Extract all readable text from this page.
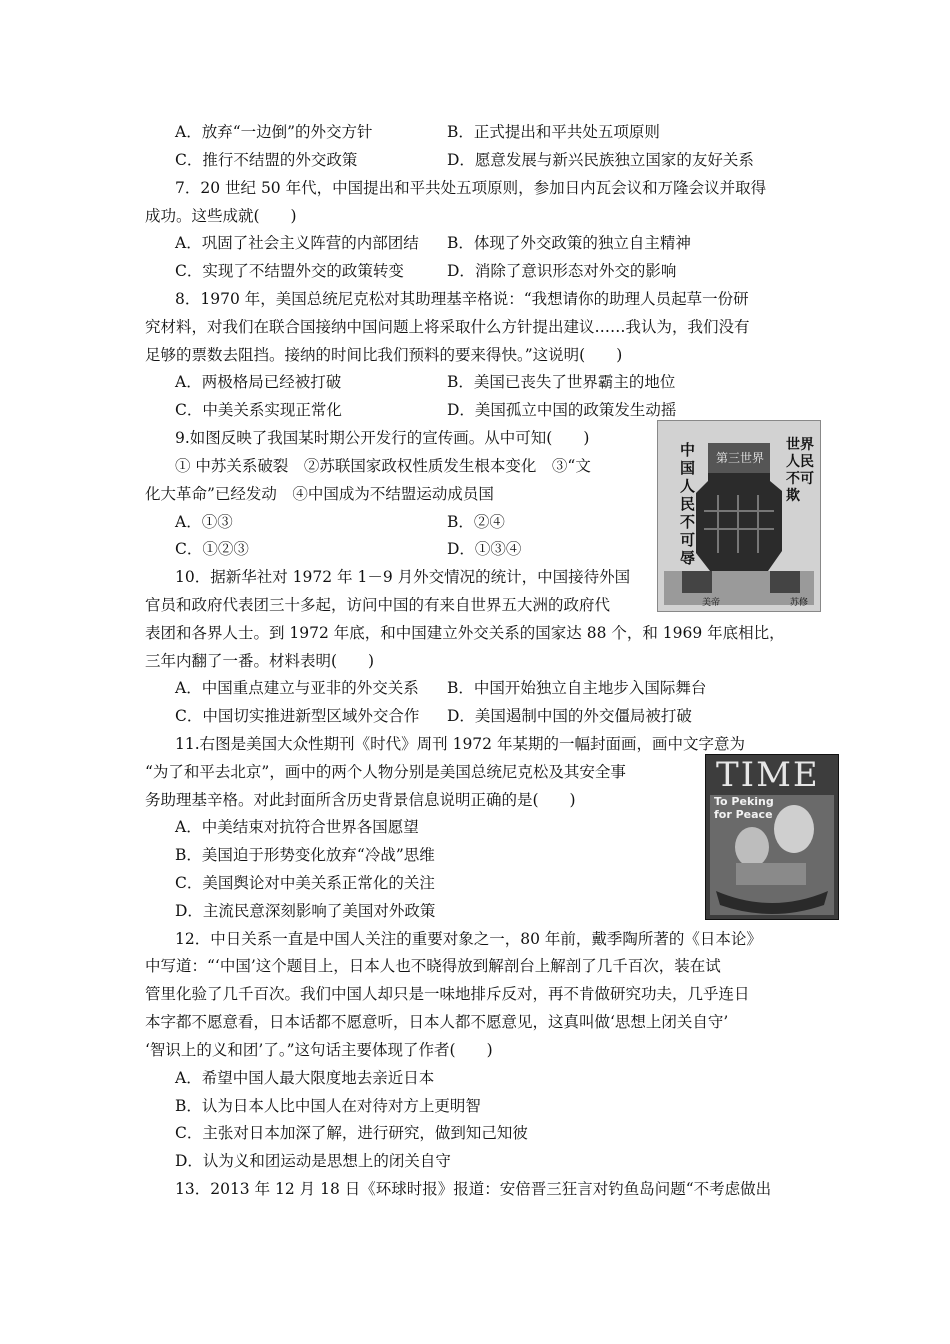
A．放弃“一边倒”的外交方针	B．正式提出和平共处五项原则
C．推行不结盟的外交政策	D．愿意发展与新兴民族独立国家的友好关系
7．20 世纪 50 年代，中国提出和平共处五项原则，参加日内瓦会议和万隆会议并取得
成功。这些成就(　　)
A．巩固了社会主义阵营的内部团结 B．体现了外交政策的独立自主精神
C．实现了不结盟外交的政策转变	D．消除了意识形态对外交的影响
8．1970 年，美国总统尼克松对其助理基辛格说：“我想请你的助理人员起草一份研
究材料，对我们在联合国接纳中国问题上将采取什么方针提出建议……我认为，我们没有
足够的票数去阻挡。接纳的时间比我们预料的要来得快。”这说明(　　)
A．两极格局已经被打破	B．美国已丧失了世界霸主的地位
C．中美关系实现正常化	D．美国孤立中国的政策发生动摇
9.如图反映了我国某时期公开发行的宣传画。从中可知(　　)
① 中苏关系破裂　②苏联国家政权性质发生根本变化　③“文
化大革命”已经发动　④中国成为不结盟运动成员国
A．①③	B．②④
C．①②③	D．①③④
第三世界
中国人民不可辱
世界人民不可欺
美帝	苏修
10．据新华社对 1972 年 1－9 月外交情况的统计，中国接待外国
官员和政府代表团三十多起，访问中国的有来自世界五大洲的政府代
表团和各界人士。到 1972 年底，和中国建立外交关系的国家达 88 个，和 1969 年底相比，
三年内翻了一番。材料表明(　　)
A．中国重点建立与亚非的外交关系 B．中国开始独立自主地步入国际舞台
C．中国切实推进新型区域外交合作 D．美国遏制中国的外交僵局被打破
11.右图是美国大众性期刊《时代》周刊 1972 年某期的一幅封面画，画中文字意为
“为了和平去北京”，画中的两个人物分别是美国总统尼克松及其安全事
务助理基辛格。对此封面所含历史背景信息说明正确的是(　　)
A．中美结束对抗符合世界各国愿望
B．美国迫于形势变化放弃“冷战”思维
C．美国舆论对中美关系正常化的关注
D．主流民意深刻影响了美国对外政策
TIME
To Peking
for Peace
12．中日关系一直是中国人关注的重要对象之一，80 年前，戴季陶所著的《日本论》
中写道：“‘中国’这个题目上，日本人也不晓得放到解剖台上解剖了几千百次，装在试
管里化验了几千百次。我们中国人却只是一味地排斥反对，再不肯做研究功夫，几乎连日
本字都不愿意看，日本话都不愿意听，日本人都不愿意见，这真叫做‘思想上闭关自守’
‘智识上的义和团’了。”这句话主要体现了作者(　　)
A．希望中国人最大限度地去亲近日本
B．认为日本人比中国人在对待对方上更明智
C．主张对日本加深了解，进行研究，做到知己知彼
D．认为义和团运动是思想上的闭关自守
13．2013 年 12 月 18 日《环球时报》报道：安倍晋三狂言对钓鱼岛问题“不考虑做出
